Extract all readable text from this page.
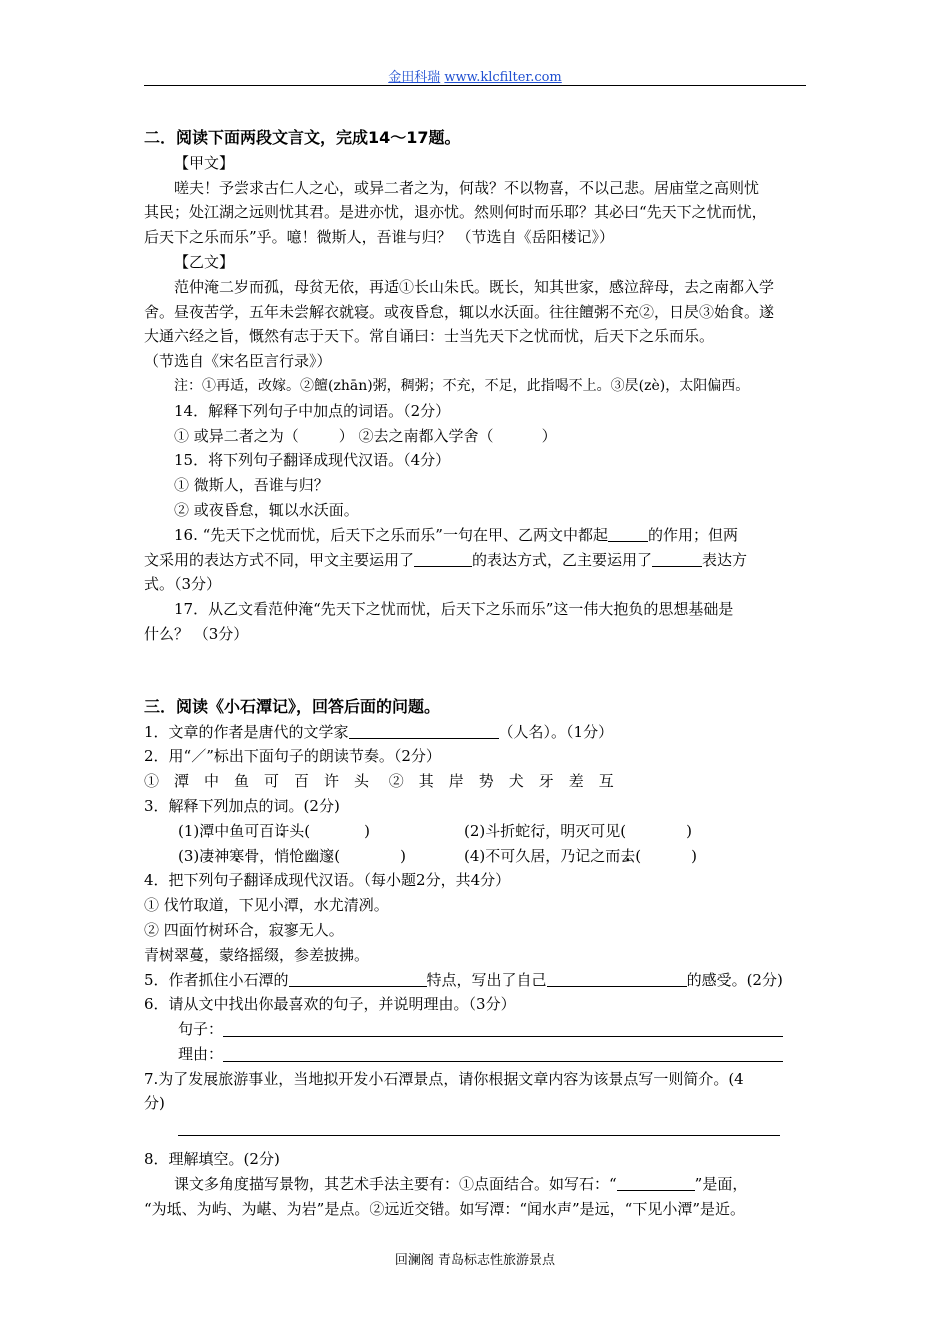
金田科瑞 www.klcfilter.com
二．阅读下面两段文言文，完成14～17题。
【甲文】
嗟夫！予尝求古仁人之心，或异二者之为，何哉？不以物喜，不以己悲。居庙堂之高则忧
其民；处江湖之远则忧其君。是进亦忧，退亦忧。然则何时而乐耶？其必曰“先天下之忧而忧，
后天下之乐而乐”乎。噫！微斯人，吾谁与归？ （节选自《岳阳楼记》）
【乙文】
范仲淹二岁而孤，母贫无依，再适①长山朱氏。既长，知其世家，感泣辞母，去之南都入学
舍。昼夜苦学，五年未尝解衣就寝。或夜昏怠，辄以水沃面。往往饘粥不充②，日昃③始食。遂
大通六经之旨，慨然有志于天下。常自诵曰：士当先天下之忧而忧，后天下之乐而乐。
（节选自《宋名臣言行录》）
注：①再适，改嫁。②饘(zhān)粥，稠粥；不充，不足，此指喝不上。③昃(zè)，太阳偏西。
14．解释下列句子中加点的词语。（2分）
① 或异二者之为（	） ②去之南都入学舍（	）
15．将下列句子翻译成现代汉语。（4分）
① 微斯人，吾谁与归？
② 或夜昏怠，辄以水沃面。
16. “先天下之忧而忧，后天下之乐而乐”一句在甲、乙两文中都起	的作用；但两
文采用的表达方式不同，甲文主要运用了	的表达方式，乙主要运用了	表达方
式。（3分）
17．从乙文看范仲淹“先天下之忧而忧，后天下之乐而乐”这一伟大抱负的思想基础是
什么？ （3分）
三．阅读《小石潭记》，回答后面的问题。
1．文章的作者是唐代的文学家	（人名）。（1分）
2．用“／”标出下面句子的朗读节奏。（2分）
①潭中鱼可百许头 ②其岸势犬牙差互
3．解释下列加点的词。(2分)
(1)潭中鱼可百许头(	)	(2)斗折蛇行，明灭可见(	)
(3)凄神寒骨，悄怆幽邃(	)	(4)不可久居，乃记之而去(	)
4．把下列句子翻译成现代汉语。（每小题2分，共4分）
① 伐竹取道，下见小潭，水尤清冽。
② 四面竹树环合，寂寥无人。
青树翠蔓，蒙络摇缀，参差披拂。
5．作者抓住小石潭的	特点，写出了自己	的感受。(2分)
6．请从文中找出你最喜欢的句子，并说明理由。（3分）
句子：
理由：
7.为了发展旅游事业，当地拟开发小石潭景点，请你根据文章内容为该景点写一则简介。(4
分)
8．理解填空。(2分)
课文多角度描写景物，其艺术手法主要有：①点面结合。如写石：“	”是面，
“为坻、为屿、为嵁、为岩”是点。②远近交错。如写潭：“闻水声”是远，“下见小潭”是近。
回澜阁 青岛标志性旅游景点
